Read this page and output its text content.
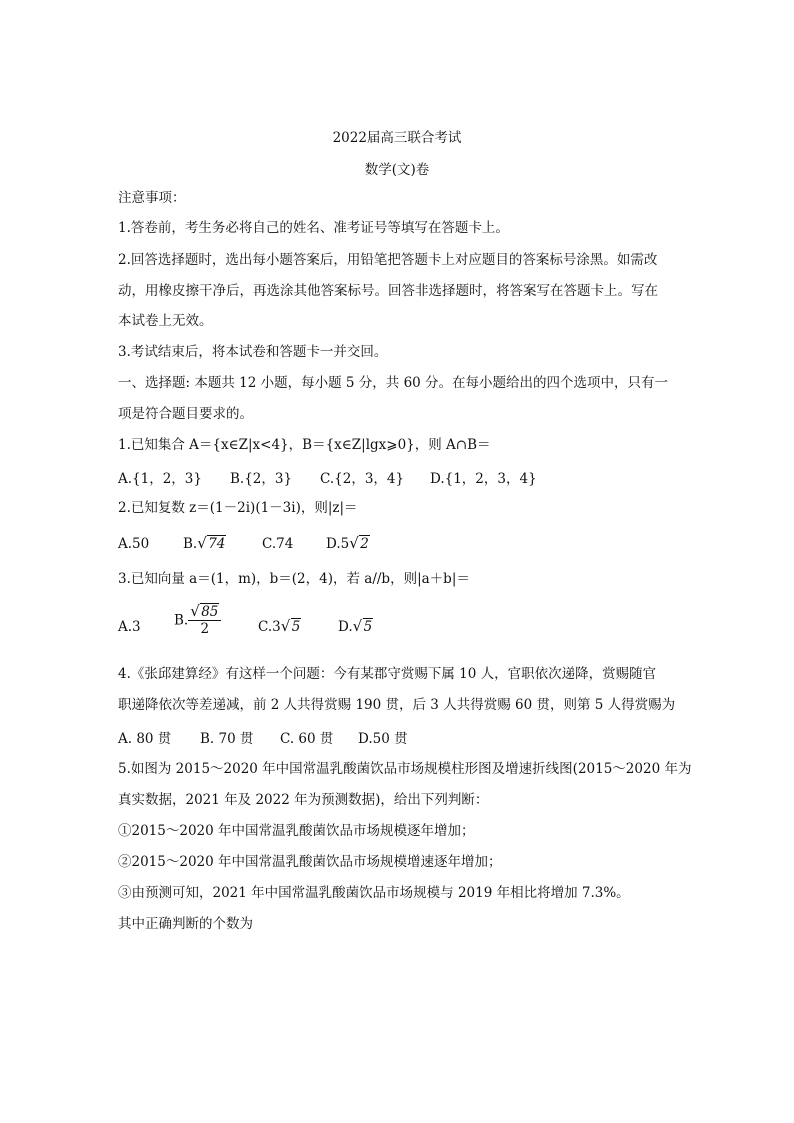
2022届高三联合考试
数学(文)卷
注意事项：
1.答卷前，考生务必将自己的姓名、准考证号等填写在答题卡上。
2.回答选择题时，选出每小题答案后，用铅笔把答题卡上对应题目的答案标号涂黑。如需改
动，用橡皮擦干净后，再选涂其他答案标号。回答非选择题时，将答案写在答题卡上。写在
本试卷上无效。
3.考试结束后，将本试卷和答题卡一并交回。
一、选择题: 本题共 12 小题，每小题 5 分，共 60 分。在每小题给出的四个选项中，只有一
项是符合题目要求的。
1.已知集合 A＝{x∈Z|x<4}，B＝{x∈Z|lgx⩾0}，则 A∩B＝
A.{1，2，3} B.{2，3} C.{2，3，4} D.{1，2，3，4}
2.已知复数 z＝(1－2i)(1－3i)，则|z|＝
A.50	B. √ 74	C.74 D.5 √ 2
3.已知向量 a＝(1，m)，b＝(2，4)，若 a//b，则|a＋b|＝
A.3 B. $\frac{√ 85}{2}$	C.3 √ 5	D. √ 5
4.《张邱建算经》有这样一个问题：今有某郡守赏赐下属 10 人，官职依次递降，赏赐随官
职递降依次等差递减，前 2 人共得赏赐 190 贯，后 3 人共得赏赐 60 贯，则第 5 人得赏赐为
A. 80 贯 B. 70 贯 C. 60 贯 D.50 贯
5.如图为 2015～2020 年中国常温乳酸菌饮品市场规模柱形图及增速折线图(2015～2020 年为
真实数据，2021 年及 2022 年为预测数据)，给出下列判断：
①2015～2020 年中国常温乳酸菌饮品市场规模逐年增加；
②2015～2020 年中国常温乳酸菌饮品市场规模增速逐年增加；
③由预测可知，2021 年中国常温乳酸菌饮品市场规模与 2019 年相比将增加 7.3%。
其中正确判断的个数为
